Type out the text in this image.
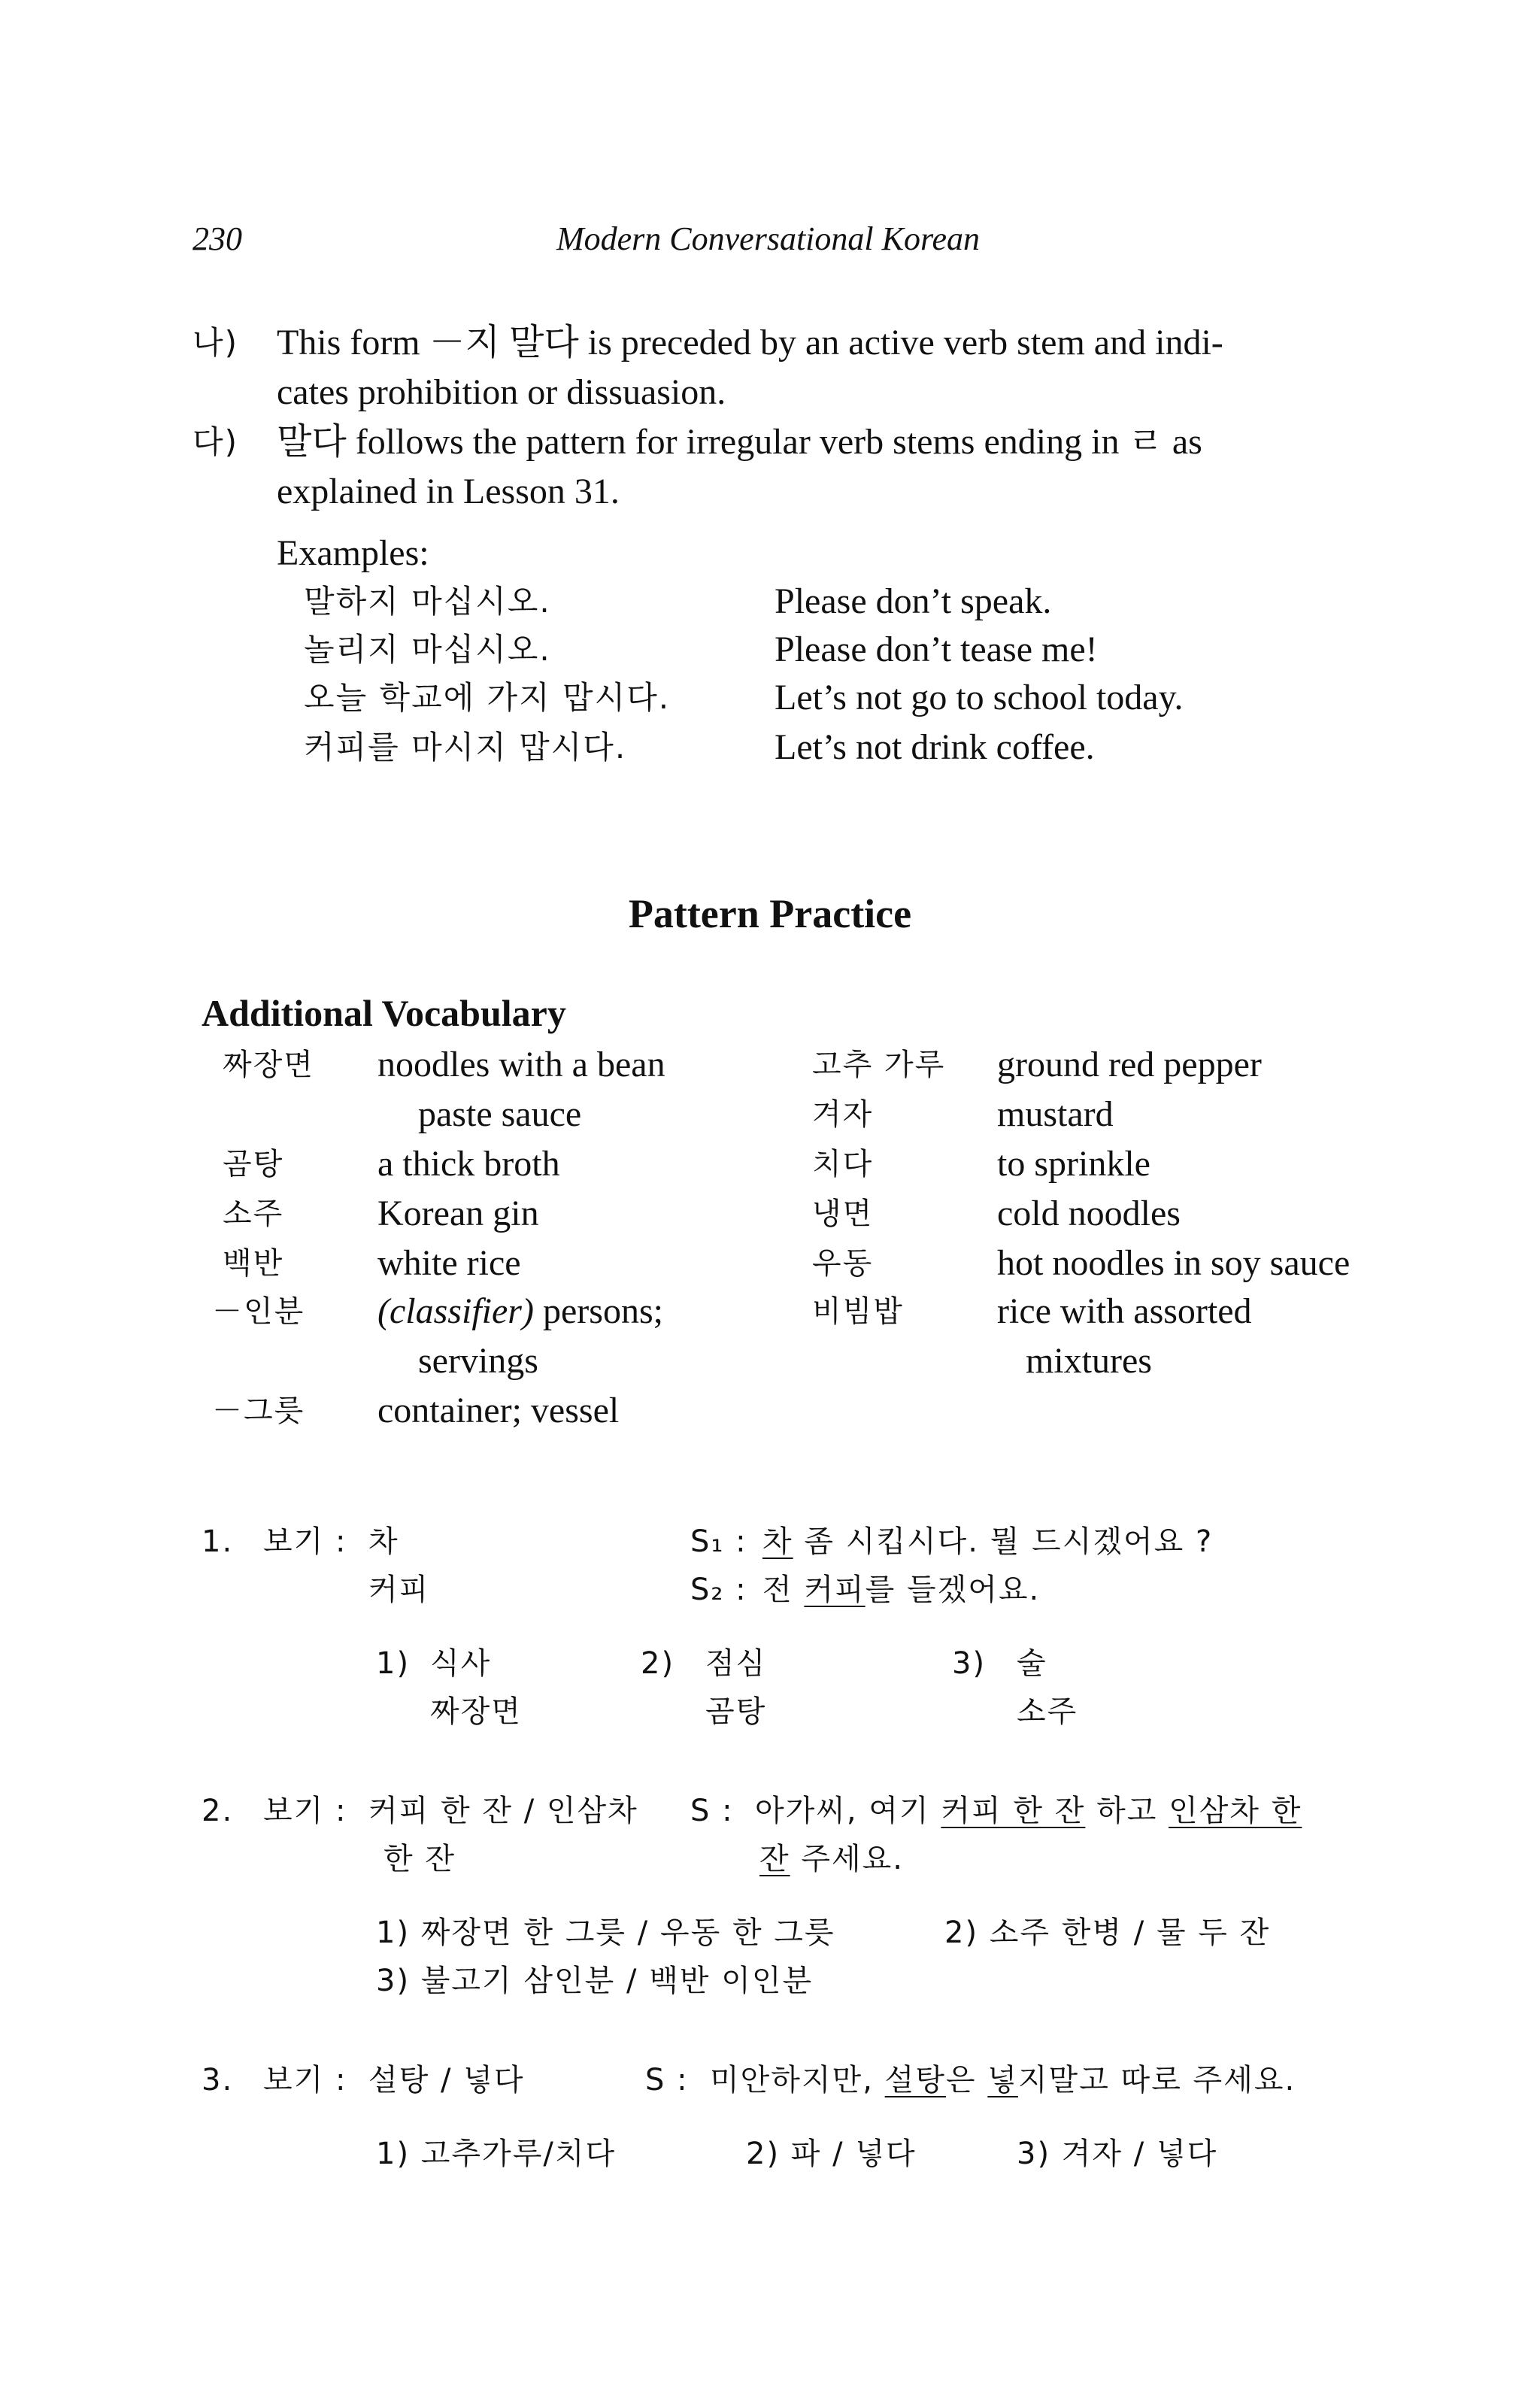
230	Modern Conversational Korean
나) This form －지 말다 is preceded by an active verb stem and indi-
cates prohibition or dissuasion.
다) 말다 follows the pattern for irregular verb stems ending in ㄹ as
explained in Lesson 31.
Examples:
말하지 마십시오.	Please don’t speak.
놀리지 마십시오.	Please don’t tease me!
오늘 학교에 가지 맙시다.	Let’s not go to school today.
커피를 마시지 맙시다.	Let’s not drink coffee.
Pattern Practice
Additional Vocabulary
짜장면 noodles with a bean
paste sauce
곰탕	a thick broth
소주	Korean gin
백반	white rice
－인분 (classifier) persons;
servings
－그릇 container; vessel
고추 가루 ground red pepper
겨자	mustard
치다	to sprinkle
냉면	cold noodles
우동	hot noodles in soy sauce
비빔밥	rice with assorted
mixtures
1. 보기 : 차
커피
S₁ : 차 좀 시킵시다. 뭘 드시겠어요 ?
S₂ : 전 커피를 들겠어요.
1) 식사
짜장면
2) 점심
곰탕
3) 술
소주
2. 보기 : 커피 한 잔 / 인삼차
한 잔
S : 아가씨, 여기 커피 한 잔 하고 인삼차 한
잔 주세요.
1) 짜장면 한 그릇 / 우동 한 그릇	2) 소주 한병 / 물 두 잔
3) 불고기 삼인분 / 백반 이인분
3. 보기 : 설탕 / 넣다	S : 미안하지만, 설탕은 넣지말고 따로 주세요.
1) 고추가루/치다	2) 파 / 넣다	3) 겨자 / 넣다
